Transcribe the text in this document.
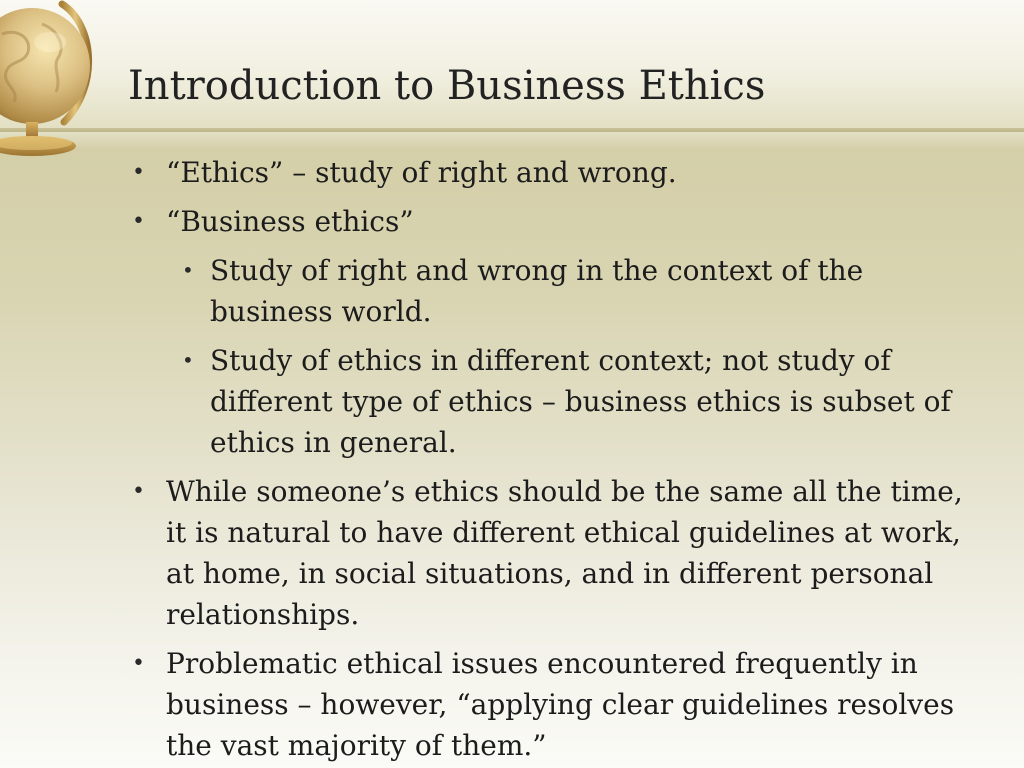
Introduction to Business Ethics
• “Ethics” – study of right and wrong.
• “Business ethics”
• Study of right and wrong in the context of the business world.
• Study of ethics in different context; not study of different type of ethics – business ethics is subset of ethics in general.
• While someone’s ethics should be the same all the time, it is natural to have different ethical guidelines at work, at home, in social situations, and in different personal relationships.
• Problematic ethical issues encountered frequently in business – however, “applying clear guidelines resolves the vast majority of them.”
